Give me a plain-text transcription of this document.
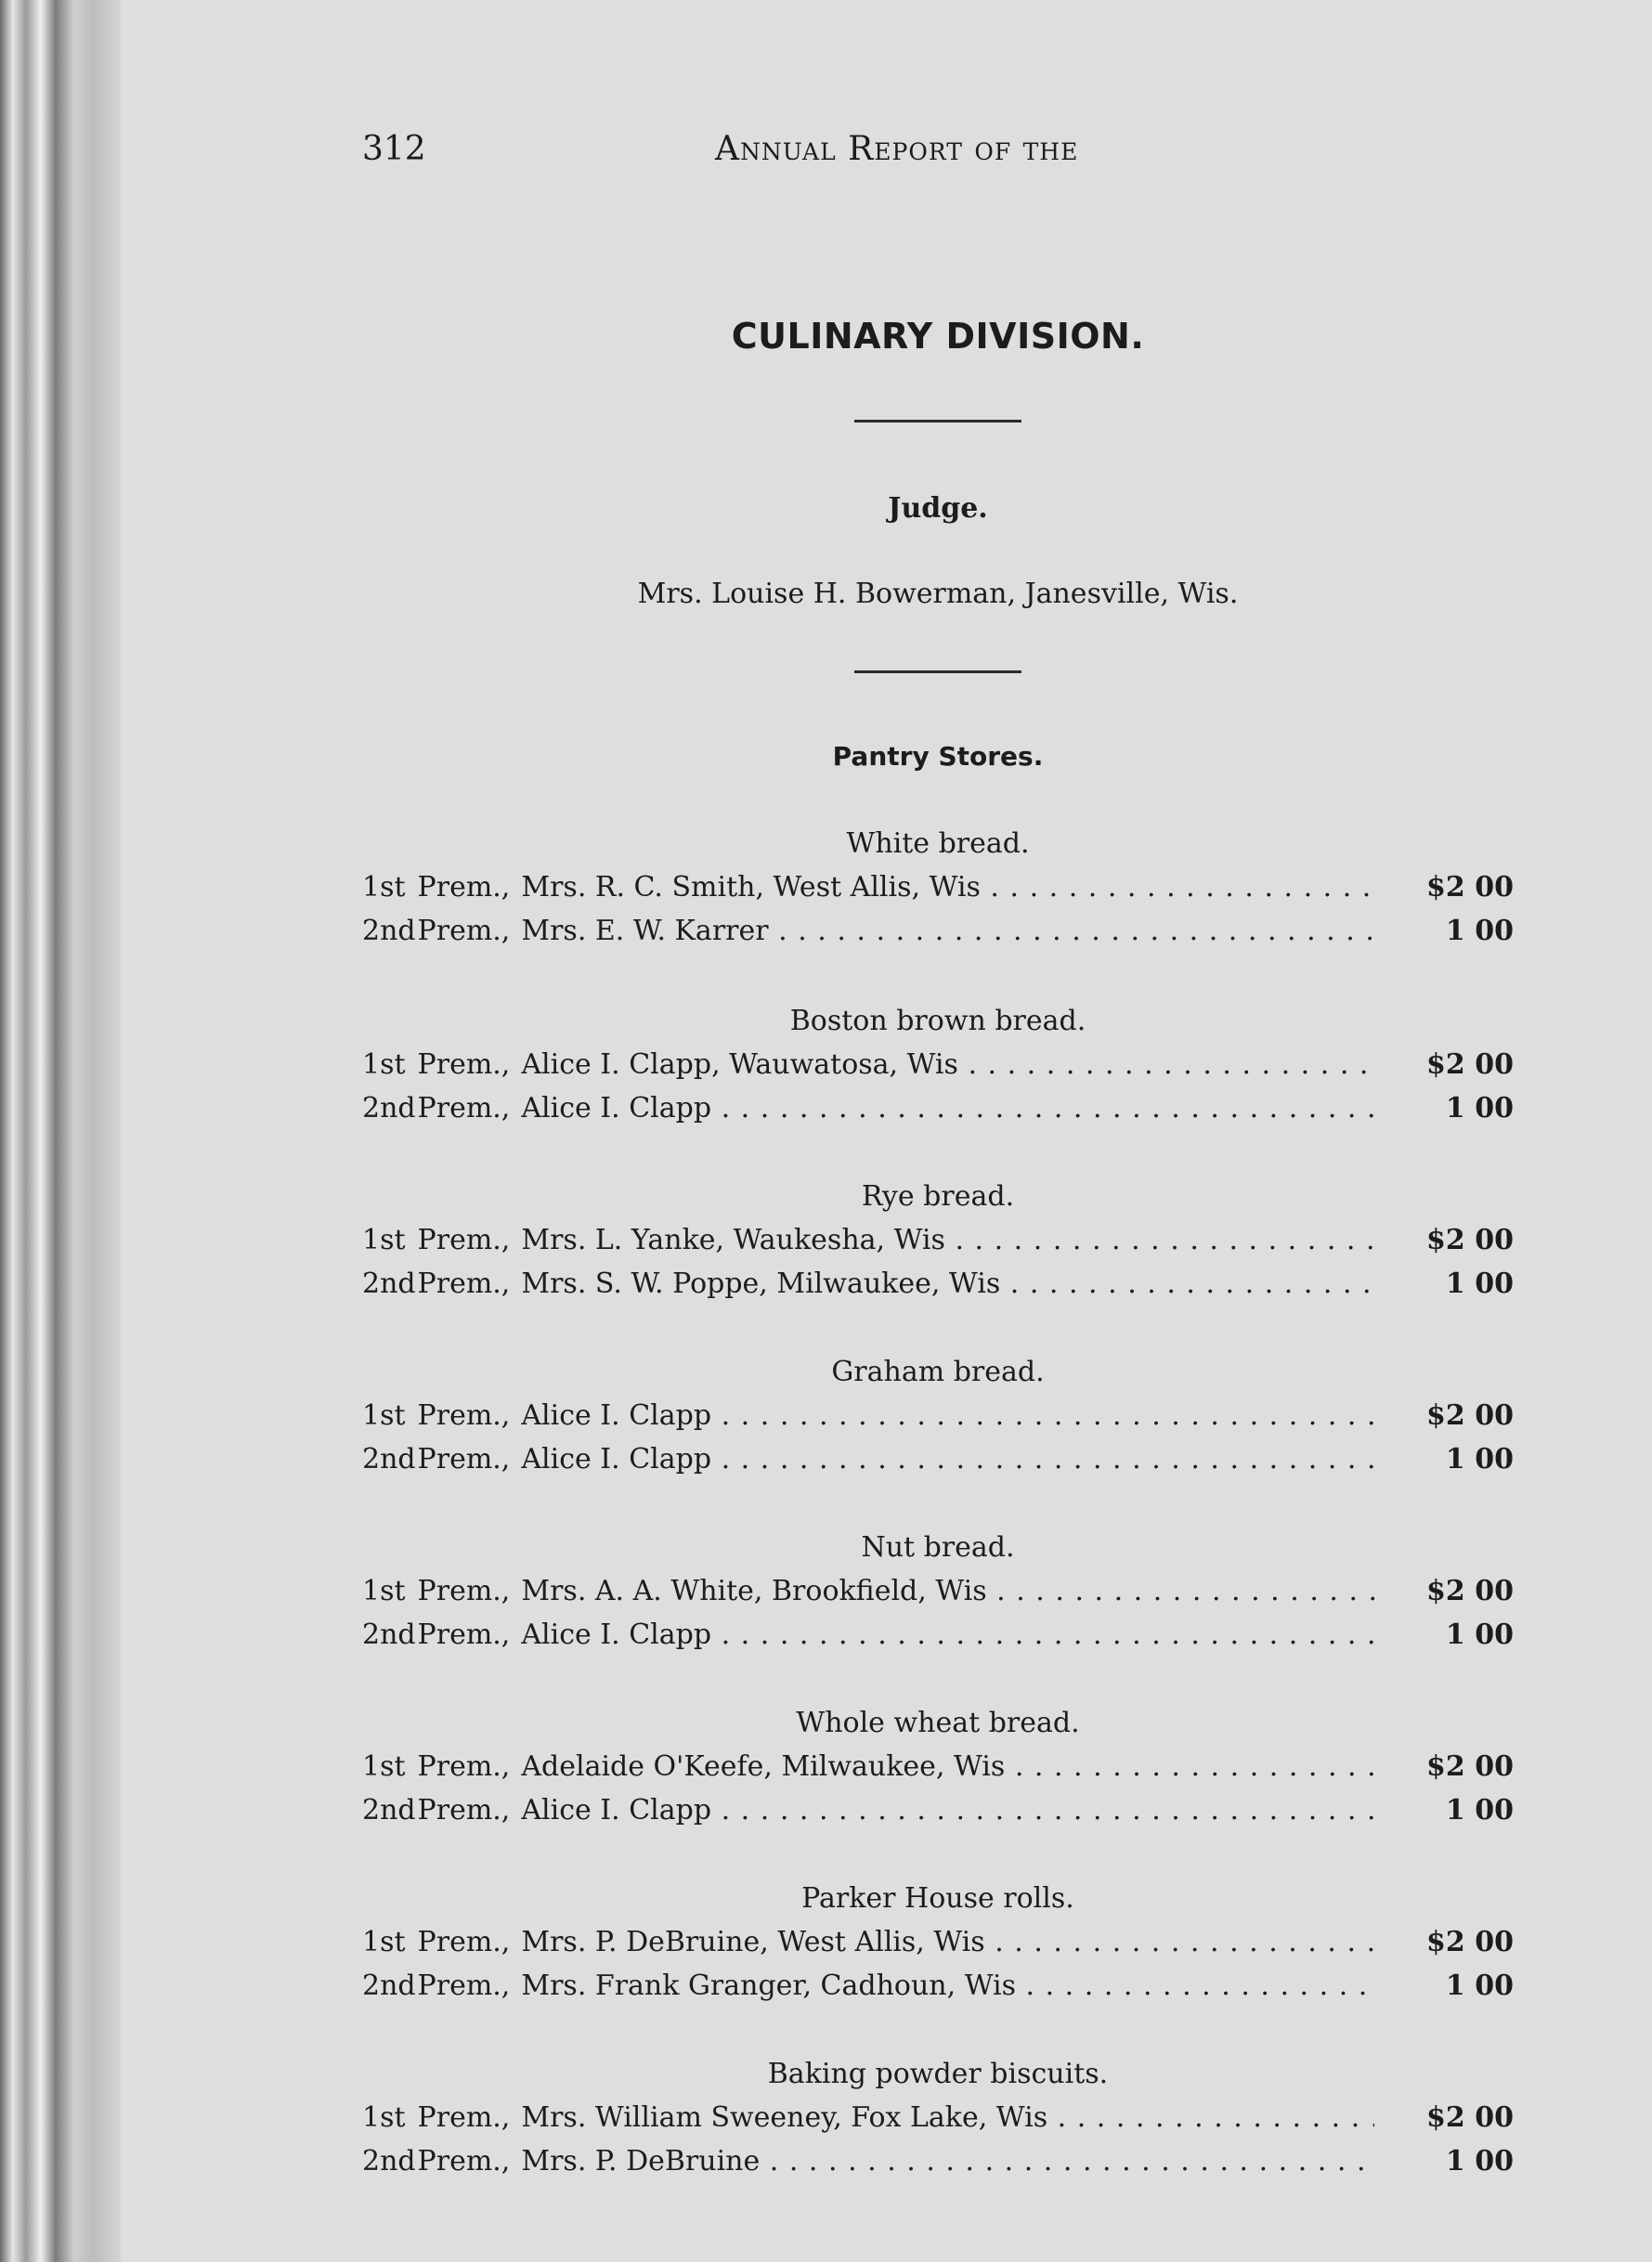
312	Annual Report of the
CULINARY DIVISION.
Judge.
Mrs. Louise H. Bowerman, Janesville, Wis.
Pantry Stores.
White bread.
1st Prem., Mrs. R. C. Smith, West Allis, Wis . . .	$2 00
2nd Prem., Mrs. E. W. Karrer . . .	1 00
Boston brown bread.
1st Prem., Alice I. Clapp, Wauwatosa, Wis . . .	$2 00
2nd Prem., Alice I. Clapp . . .	1 00
Rye bread.
1st Prem., Mrs. L. Yanke, Waukesha, Wis . . .	$2 00
2nd Prem., Mrs. S. W. Poppe, Milwaukee, Wis . . .	1 00
Graham bread.
1st Prem., Alice I. Clapp . . .	$2 00
2nd Prem., Alice I. Clapp . . .	1 00
Nut bread.
1st Prem., Mrs. A. A. White, Brookfield, Wis . . .	$2 00
2nd Prem., Alice I. Clapp . . .	1 00
Whole wheat bread.
1st Prem., Adelaide O'Keefe, Milwaukee, Wis . . .	$2 00
2nd Prem., Alice I. Clapp . . .	1 00
Parker House rolls.
1st Prem., Mrs. P. DeBruine, West Allis, Wis . . .	$2 00
2nd Prem., Mrs. Frank Granger, Cadhoun, Wis . . .	1 00
Baking powder biscuits.
1st Prem., Mrs. William Sweeney, Fox Lake, Wis . . .	$2 00
2nd Prem., Mrs. P. DeBruine . . .	1 00
